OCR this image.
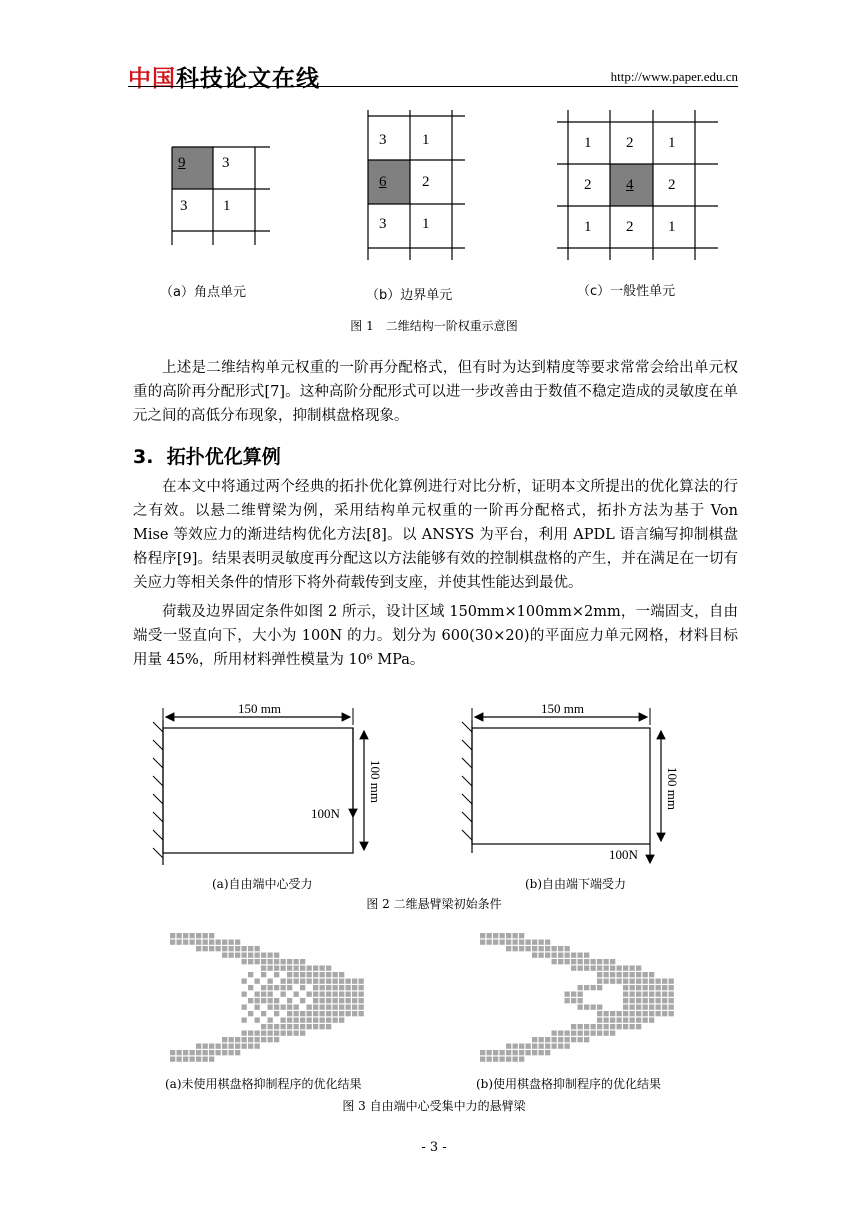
中国科技论文在线	http://www.paper.edu.cn
9 3
3 1
3 1
6 2
3 1
1 2 1
2 4 2
1 2 1
（a）角点单元	（b）边界单元	（c）一般性单元
图 1　二维结构一阶权重示意图

上述是二维结构单元权重的一阶再分配格式，但有时为达到精度等要求常常会给出单元权重的高阶再分配形式[7]。这种高阶分配形式可以进一步改善由于数值不稳定造成的灵敏度在单元之间的高低分布现象，抑制棋盘格现象。

3. 拓扑优化算例

在本文中将通过两个经典的拓扑优化算例进行对比分析，证明本文所提出的优化算法的行之有效。以悬二维臂梁为例，采用结构单元权重的一阶再分配格式，拓扑方法为基于 Von Mise 等效应力的渐进结构优化方法[8]。以 ANSYS 为平台，利用 APDL 语言编写抑制棋盘格程序[9]。结果表明灵敏度再分配这以方法能够有效的控制棋盘格的产生，并在满足在一切有关应力等相关条件的情形下将外荷载传到支座，并使其性能达到最优。

荷载及边界固定条件如图 2 所示，设计区域 150mm×100mm×2mm，一端固支，自由端受一竖直向下，大小为 100N 的力。划分为 600(30×20)的平面应力单元网格，材料目标用量 45%，所用材料弹性模量为 10⁶ MPa。

150 mm	150 mm
100N
100N
100 mm	100 mm
(a)自由端中心受力	(b)自由端下端受力
图 2 二维悬臂梁初始条件
(a)未使用棋盘格抑制程序的优化结果	(b)使用棋盘格抑制程序的优化结果
图 3 自由端中心受集中力的悬臂梁
- 3 -
